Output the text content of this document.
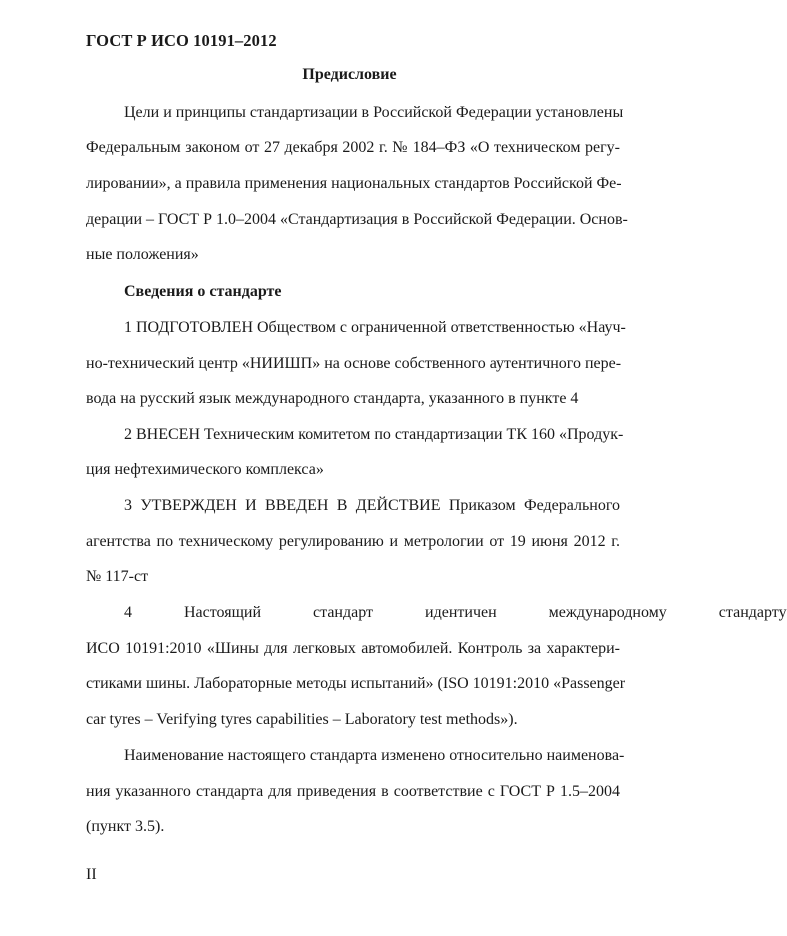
ГОСТ Р ИСО 10191–2012
Предисловие
Цели и принципы стандартизации в Российской Федерации установлены
Федеральным законом от 27 декабря 2002 г. № 184–ФЗ «О техническом регу-
лировании», а правила применения национальных стандартов Российской Фе-
дерации – ГОСТ Р 1.0–2004 «Стандартизация в Российской Федерации. Основ-
ные положения»
Сведения о стандарте
1 ПОДГОТОВЛЕН Обществом с ограниченной ответственностью «Науч-
но-технический центр «НИИШП» на основе собственного аутентичного пере-
вода на русский язык международного стандарта, указанного в пункте 4
2 ВНЕСЕН Техническим комитетом по стандартизации ТК 160 «Продук-
ция нефтехимического комплекса»
3 УТВЕРЖДЕН И ВВЕДЕН В ДЕЙСТВИЕ Приказом Федерального
агентства по техническому регулированию и метрологии от 19 июня 2012 г.
№ 117-ст
4 Настоящий стандарт идентичен международному стандарту
ИСО 10191:2010 «Шины для легковых автомобилей. Контроль за характери-
стиками шины. Лабораторные методы испытаний» (ISO 10191:2010 «Passenger
car tyres – Verifying tyres capabilities – Laboratory test methods»).
Наименование настоящего стандарта изменено относительно наименова-
ния указанного стандарта для приведения в соответствие с ГОСТ Р 1.5–2004
(пункт 3.5).
II
